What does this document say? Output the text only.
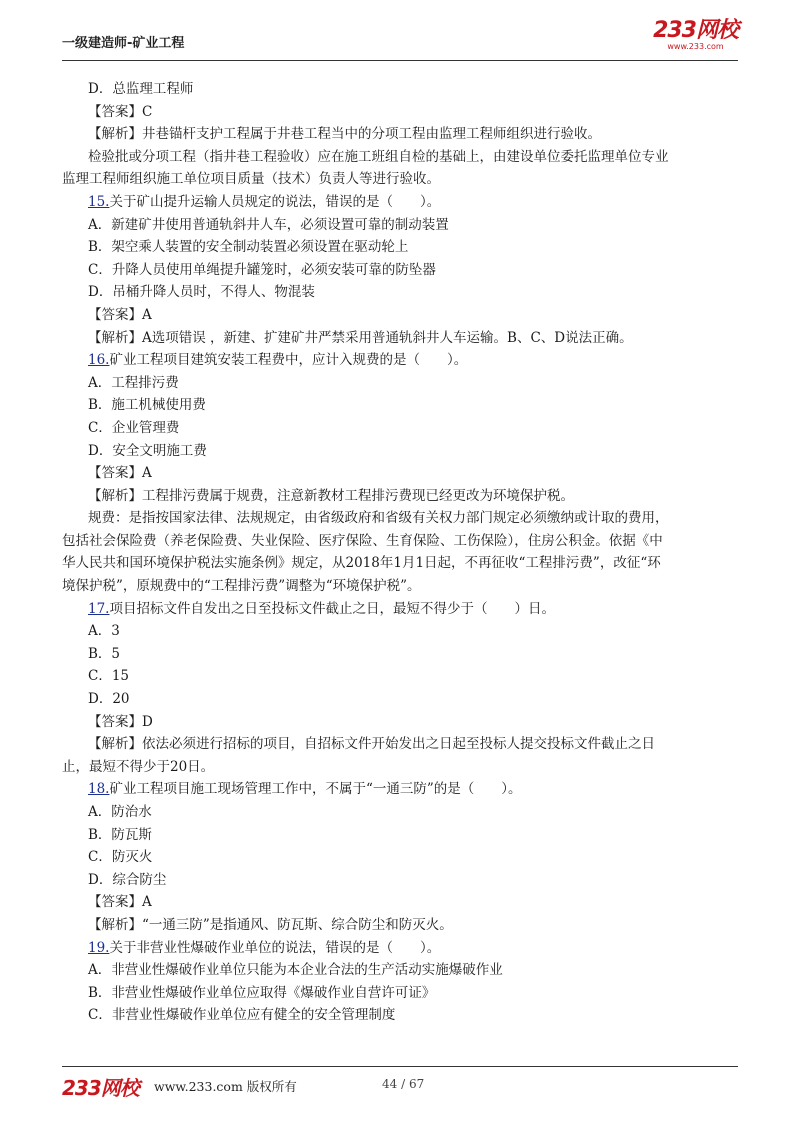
一级建造师-矿业工程
233网校
www.233.com
D．总监理工程师
【答案】C
【解析】井巷锚杆支护工程属于井巷工程当中的分项工程由监理工程师组织进行验收。
检验批或分项工程（指井巷工程验收）应在施工班组自检的基础上，由建设单位委托监理单位专业
监理工程师组织施工单位项目质量（技术）负责人等进行验收。
15.关于矿山提升运输人员规定的说法，错误的是（　　）。
A．新建矿井使用普通轨斜井人车，必须设置可靠的制动装置
B．架空乘人装置的安全制动装置必须设置在驱动轮上
C．升降人员使用单绳提升罐笼时，必须安装可靠的防坠器
D．吊桶升降人员时，不得人、物混装
【答案】A
【解析】A选项错误 ，新建、扩建矿井严禁采用普通轨斜井人车运输。B、C、D说法正确。
16.矿业工程项目建筑安装工程费中，应计入规费的是（　　）。
A．工程排污费
B．施工机械使用费
C．企业管理费
D．安全文明施工费
【答案】A
【解析】工程排污费属于规费，注意新教材工程排污费现已经更改为环境保护税。
规费：是指按国家法律、法规规定，由省级政府和省级有关权力部门规定必须缴纳或计取的费用，
包括社会保险费（养老保险费、失业保险、医疗保险、生育保险、工伤保险），住房公积金。依据《中
华人民共和国环境保护税法实施条例》规定，从2018年1月1日起，不再征收“工程排污费”，改征“环
境保护税”，原规费中的“工程排污费”调整为“环境保护税”。
17.项目招标文件自发出之日至投标文件截止之日，最短不得少于（　　）日。
A．3
B．5
C．15
D．20
【答案】D
【解析】依法必须进行招标的项目，自招标文件开始发出之日起至投标人提交投标文件截止之日
止，最短不得少于20日。
18.矿业工程项目施工现场管理工作中，不属于“一通三防”的是（　　）。
A．防治水
B．防瓦斯
C．防灭火
D．综合防尘
【答案】A
【解析】“一通三防”是指通风、防瓦斯、综合防尘和防灭火。
19.关于非营业性爆破作业单位的说法，错误的是（　　）。
A．非营业性爆破作业单位只能为本企业合法的生产活动实施爆破作业
B．非营业性爆破作业单位应取得《爆破作业自营许可证》
C．非营业性爆破作业单位应有健全的安全管理制度
233网校 www.233.com 版权所有	44 / 67
